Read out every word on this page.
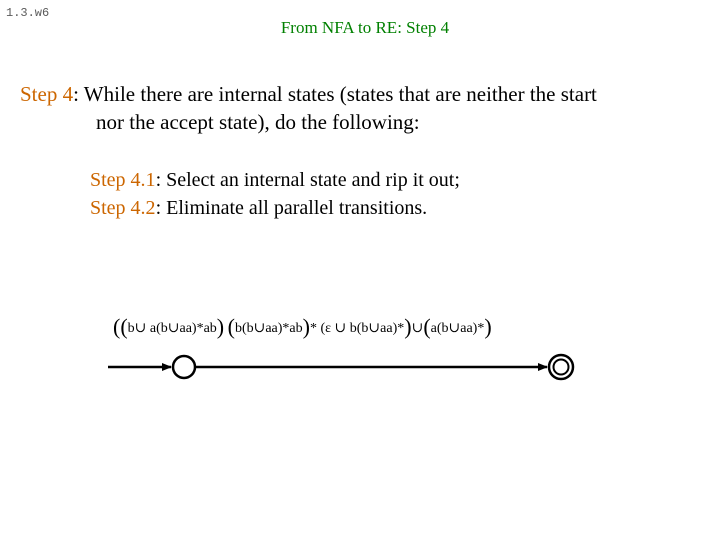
1.3.w6
From NFA to RE: Step 4
Step 4: While there are internal states (states that are neither the start
nor the accept state), do the following:
Step 4.1: Select an internal state and rip it out;
Step 4.2: Eliminate all parallel transitions.
((b∪ a(b∪aa)*ab) (b(b∪aa)*ab)* (ε ∪ b(b∪aa)*)∪(a(b∪aa)*)
